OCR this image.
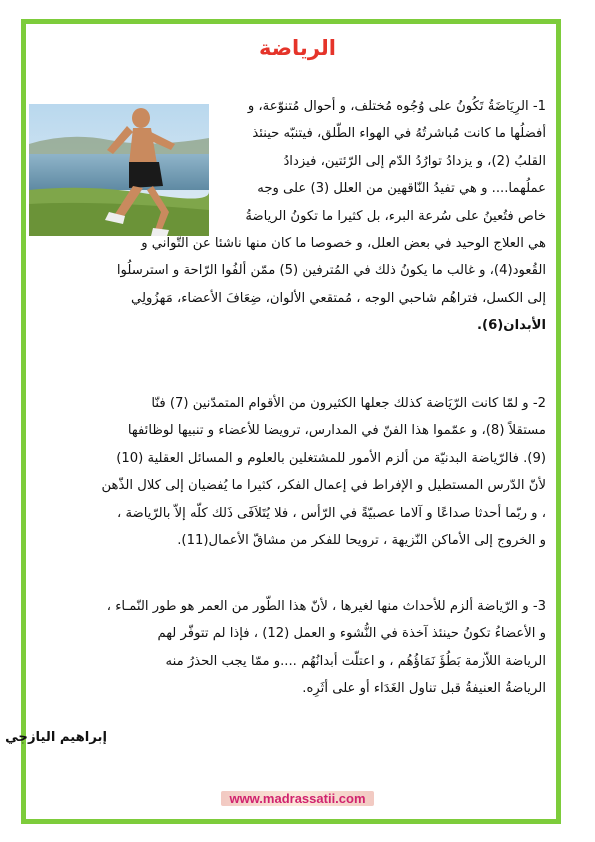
الرياضة
1- الرِيَاضَةُ تَكُونُ على وُجُوه مُختلف، و أحوال مُتنوّعة، و
أفضلُها ما كانت مُباشرتُهُ في الهواء الطّلق، فيتنبّه حينئذ
القلبُ (2)، و يزدادُ توارُدُ الدّم إلى الرّئتين، فيزدادُ
عملُهما.... و هي تفيدُ النّاقهين من العلل (3) على وجه
خاص فتُعينُ على سُرعة البرء، بل كثيرا ما تكونُ الرياضةُ
هي العلاج الوحيد في بعض العلل، و خصوصا ما كان منها ناشئا عن التّواني و
القُعود(4)، و غالب ما يكونُ ذلك في المُترفين (5) ممّن ألفُوا الرّاحة و استرسلُوا
إلى الكسل، فتراهُم شاحبي الوجه ، مُمتقعي الألوان، ضِعَافَ الأعضاء، مَهزُولِي
الأبدان(6).
2- و لمّا كانت الرّيَاضة كذلك جعلها الكثيرون من الأقوام المتمدّنين (7) فنّا
مستقلاً (8)، و عمّموا هذا الفنّ في المدارس، ترويضا للأعضاء و تنبيها لوظائفها
(9). فالرّياضة البدنيّة من ألزم الأمور للمشتغلين بالعلوم و المسائل العقلية (10)
لأنّ الدّرس المستطيل و الإفراط في إعمال الفكر، كثيرا ما يُفضيان إلى كلال الذّهن
، و ربّما أحدثا صداعًا و آلاما عصبيّةً في الرّأس ، فلا يُتَلاَفَى ذَلك كلّه إلاّ بالرّياضة ،
و الخروج إلى الأماكن النّزيهة ، ترويحا للفكر من مشاقّ الأعمال(11).
3- و الرّياضة ألزم للأحداث منها لغيرها ، لأنّ هذا الطّور من العمر هو طور النّمـاء ،
و الأعضاءُ تكونُ حينئذ آخذة في النُّشوء و العمل (12) ، فإذا لم تتوفّر لهم
الرياضة اللاّزمة بَطُؤَ نَمَاؤُهُم ، و اعتلّت أبدانُهُم ....و ممّا يجب الحذرُ منه
الرياضةُ العنيفةُ قبل تناول الغَدَاء أو على أثَرِه.
إبراهيم اليازجي
www.madrassatii.com
